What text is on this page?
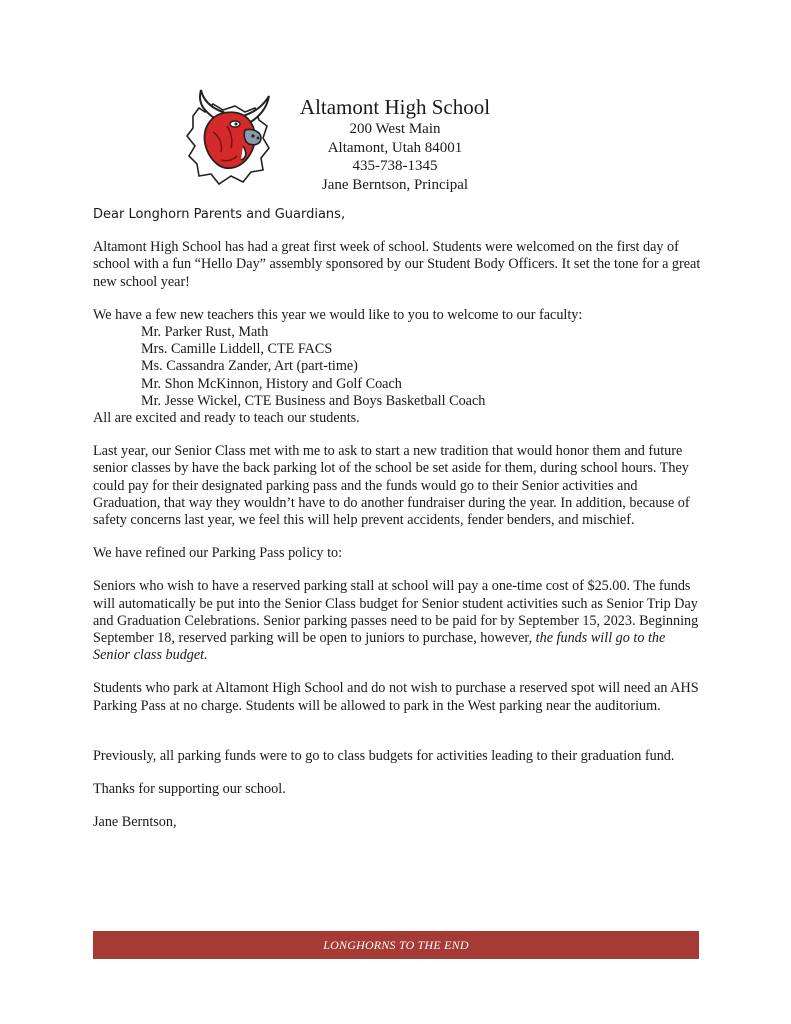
Altamont High School

200 West Main

Altamont, Utah 84001

435-738-1345

Jane Berntson, Principal

Dear Longhorn Parents and Guardians,

Altamont High School has had a great first week of school. Students were welcomed on the first day of school with a fun “Hello Day” assembly sponsored by our Student Body Officers. It set the tone for a great new school year!

We have a few new teachers this year we would like to you to welcome to our faculty:

Mr. Parker Rust, Math

Mrs. Camille Liddell, CTE FACS

Ms. Cassandra Zander, Art (part-time)

Mr. Shon McKinnon, History and Golf Coach

Mr. Jesse Wickel, CTE Business and Boys Basketball Coach

All are excited and ready to teach our students.

Last year, our Senior Class met with me to ask to start a new tradition that would honor them and future senior classes by have the back parking lot of the school be set aside for them, during school hours. They could pay for their designated parking pass and the funds would go to their Senior activities and Graduation, that way they wouldn’t have to do another fundraiser during the year. In addition, because of safety concerns last year, we feel this will help prevent accidents, fender benders, and mischief.

We have refined our Parking Pass policy to:

Seniors who wish to have a reserved parking stall at school will pay a one-time cost of $25.00. The funds will automatically be put into the Senior Class budget for Senior student activities such as Senior Trip Day and Graduation Celebrations. Senior parking passes need to be paid for by September 15, 2023. Beginning September 18, reserved parking will be open to juniors to purchase, however, the funds will go to the Senior class budget.

Students who park at Altamont High School and do not wish to purchase a reserved spot will need an AHS Parking Pass at no charge. Students will be allowed to park in the West parking near the auditorium.

Previously, all parking funds were to go to class budgets for activities leading to their graduation fund.

Thanks for supporting our school.

Jane Berntson,

LONGHORNS TO THE END
